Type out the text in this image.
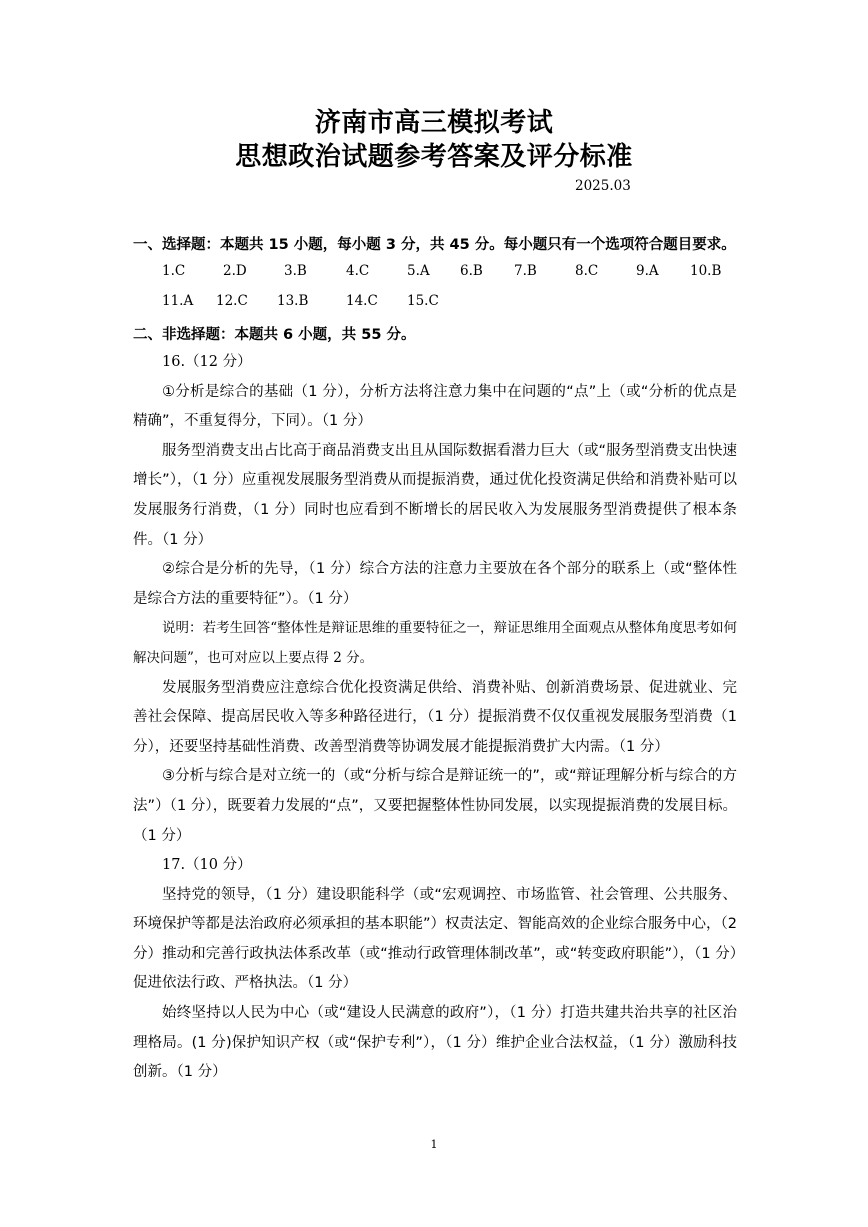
济南市高三模拟考试
思想政治试题参考答案及评分标准
2025.03
一、选择题：本题共 15 小题，每小题 3 分，共 45 分。每小题只有一个选项符合题目要求。
1.C	2.D	3.B	4.C	5.A 6.B 7.B	8.C	9.A 10.B
11.A 12.C 13.B	14.C 15.C
二、非选择题：本题共 6 小题，共 55 分。

16.（12 分）

①分析是综合的基础（1 分），分析方法将注意力集中在问题的“点”上（或“分析的优点是精确”，不重复得分，下同）。（1 分）

服务型消费支出占比高于商品消费支出且从国际数据看潜力巨大（或“服务型消费支出快速增长”），（1 分）应重视发展服务型消费从而提振消费，通过优化投资满足供给和消费补贴可以发展服务行消费，（1 分）同时也应看到不断增长的居民收入为发展服务型消费提供了根本条件。（1 分）

②综合是分析的先导，（1 分）综合方法的注意力主要放在各个部分的联系上（或“整体性是综合方法的重要特征”）。（1 分）

说明：若考生回答“整体性是辩证思维的重要特征之一，辩证思维用全面观点从整体角度思考如何解决问题”，也可对应以上要点得 2 分。

发展服务型消费应注意综合优化投资满足供给、消费补贴、创新消费场景、促进就业、完善社会保障、提高居民收入等多种路径进行，（1 分）提振消费不仅仅重视发展服务型消费（1 分），还要坚持基础性消费、改善型消费等协调发展才能提振消费扩大内需。（1 分）

③分析与综合是对立统一的（或“分析与综合是辩证统一的”，或“辩证理解分析与综合的方法”）（1 分），既要着力发展的“点”，又要把握整体性协同发展，以实现提振消费的发展目标。（1 分）

17.（10 分）

坚持党的领导，（1 分）建设职能科学（或“宏观调控、市场监管、社会管理、公共服务、环境保护等都是法治政府必须承担的基本职能”）权责法定、智能高效的企业综合服务中心，（2 分）推动和完善行政执法体系改革（或“推动行政管理体制改革”，或“转变政府职能”），（1 分）促进依法行政、严格执法。（1 分）

始终坚持以人民为中心（或“建设人民满意的政府”），（1 分）打造共建共治共享的社区治理格局。(1 分)保护知识产权（或“保护专利”），（1 分）维护企业合法权益，（1 分）激励科技创新。（1 分）

1
